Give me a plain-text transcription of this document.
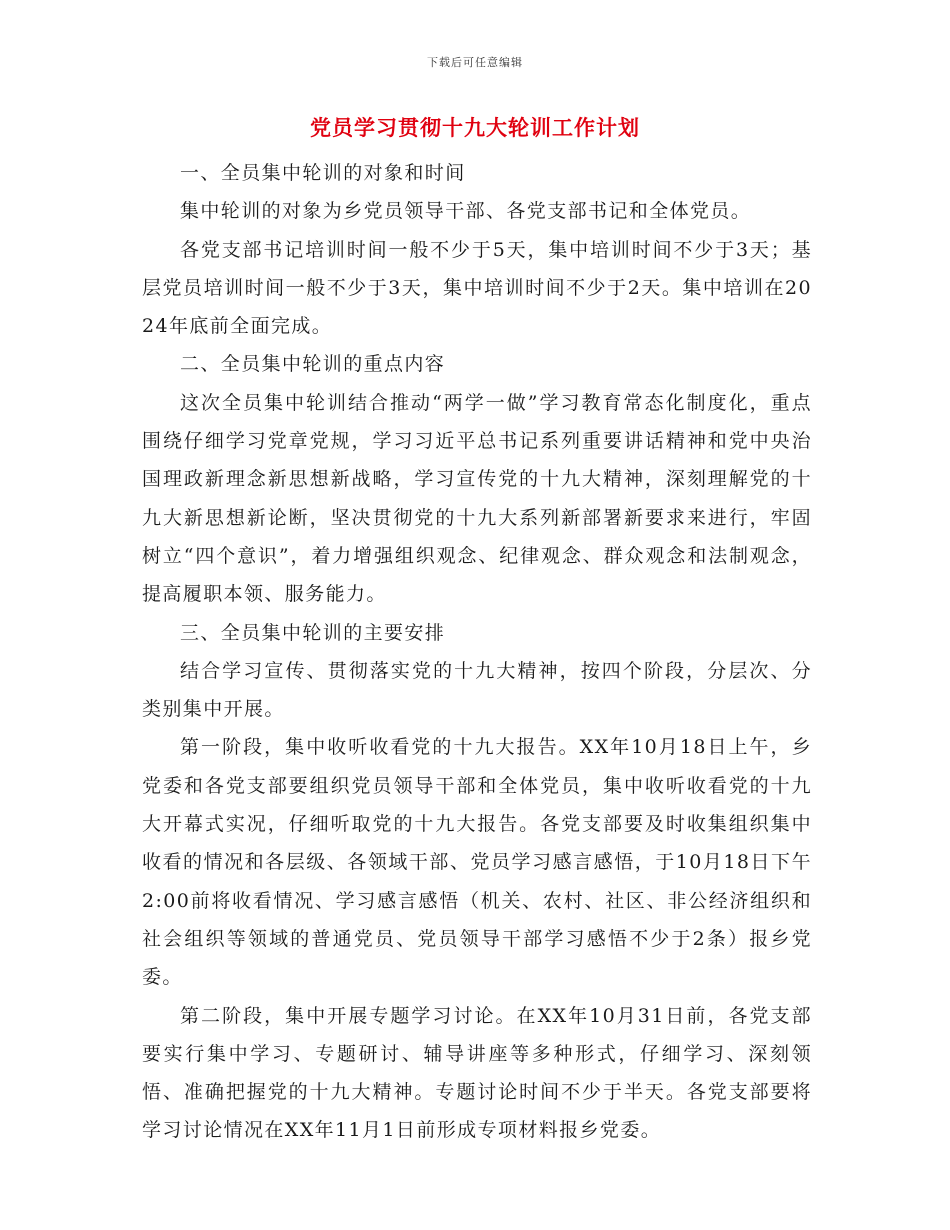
下载后可任意编辑
党员学习贯彻十九大轮训工作计划

一、全员集中轮训的对象和时间

集中轮训的对象为乡党员领导干部、各党支部书记和全体党员。

各党支部书记培训时间一般不少于5天，集中培训时间不少于3天；基层党员培训时间一般不少于3天，集中培训时间不少于2天。集中培训在2024年底前全面完成。

二、全员集中轮训的重点内容

这次全员集中轮训结合推动“两学一做”学习教育常态化制度化，重点围绕仔细学习党章党规，学习习近平总书记系列重要讲话精神和党中央治国理政新理念新思想新战略，学习宣传党的十九大精神，深刻理解党的十九大新思想新论断，坚决贯彻党的十九大系列新部署新要求来进行，牢固树立“四个意识”，着力增强组织观念、纪律观念、群众观念和法制观念，提高履职本领、服务能力。

三、全员集中轮训的主要安排

结合学习宣传、贯彻落实党的十九大精神，按四个阶段，分层次、分类别集中开展。

第一阶段，集中收听收看党的十九大报告。XX年10月18日上午，乡党委和各党支部要组织党员领导干部和全体党员，集中收听收看党的十九大开幕式实况，仔细听取党的十九大报告。各党支部要及时收集组织集中收看的情况和各层级、各领域干部、党员学习感言感悟，于10月18日下午2:00前将收看情况、学习感言感悟（机关、农村、社区、非公经济组织和社会组织等领域的普通党员、党员领导干部学习感悟不少于2条）报乡党委。

第二阶段，集中开展专题学习讨论。在XX年10月31日前，各党支部要实行集中学习、专题研讨、辅导讲座等多种形式，仔细学习、深刻领悟、准确把握党的十九大精神。专题讨论时间不少于半天。各党支部要将学习讨论情况在XX年11月1日前形成专项材料报乡党委。
